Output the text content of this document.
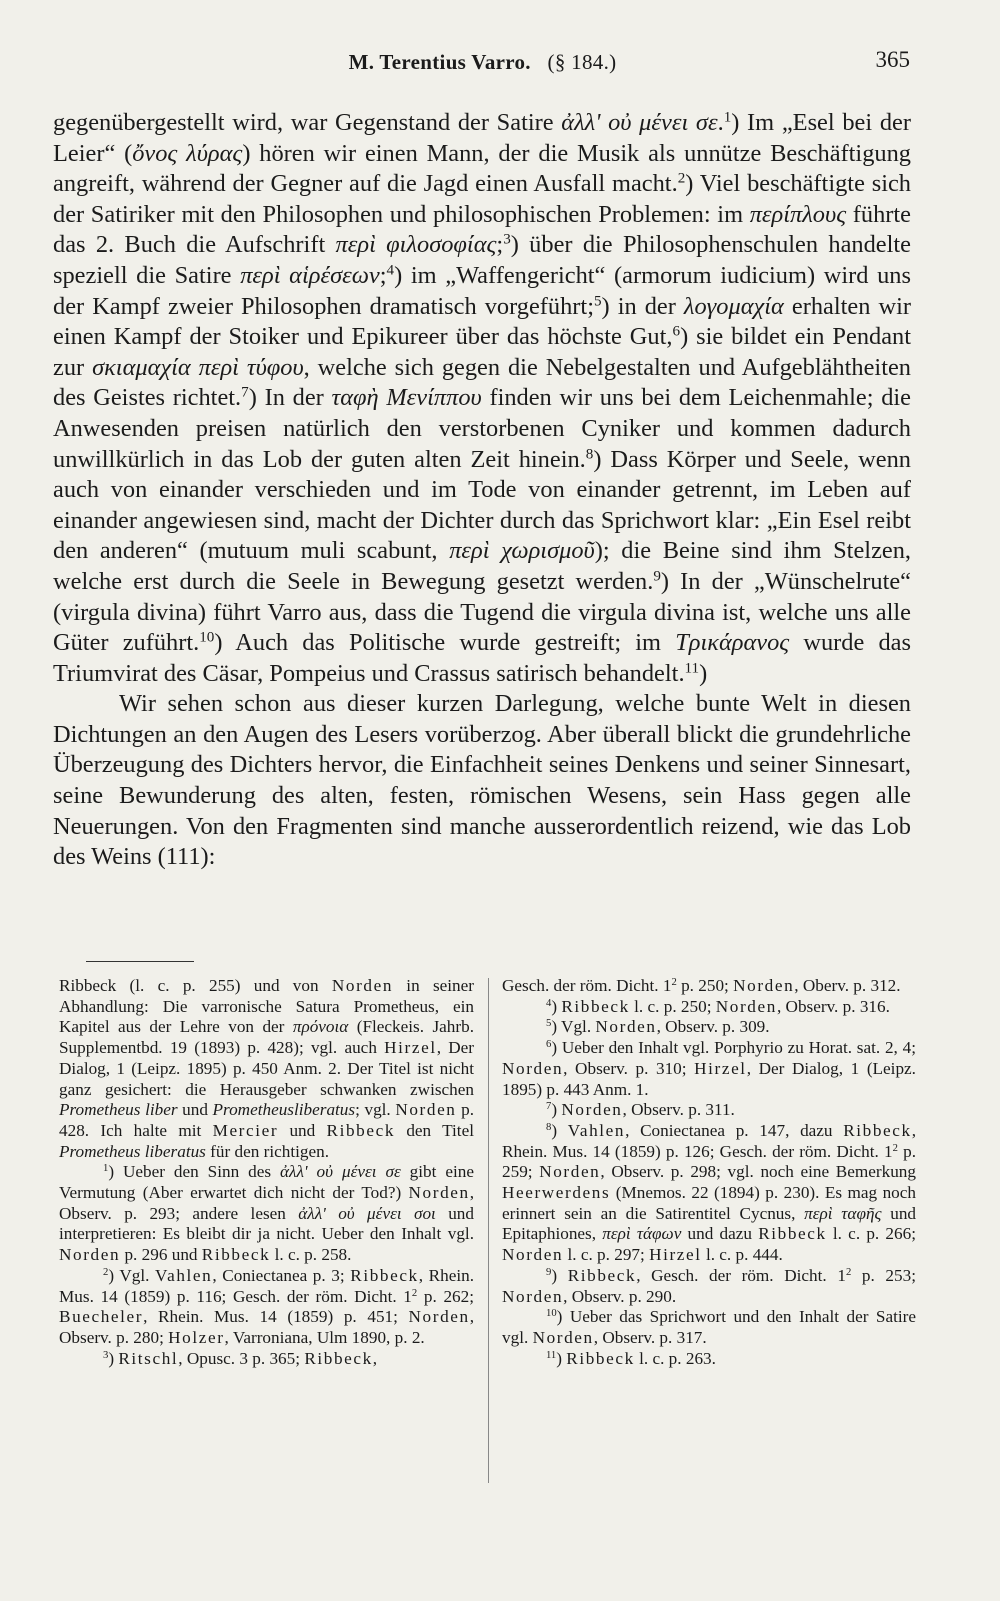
M. Terentius Varro. (§ 184.)	365

gegenübergestellt wird, war Gegenstand der Satire ἀλλ' οὐ μένει σε.$^1$) Im „Esel bei der Leier“ (ὄνος λύρας) hören wir einen Mann, der die Musik als unnütze Beschäftigung angreift, während der Gegner auf die Jagd einen Ausfall macht.$^2$) Viel beschäftigte sich der Satiriker mit den Philosophen und philosophischen Problemen: im περίπλους führte das 2. Buch die Aufschrift περὶ φιλοσοφίας;$^3$) über die Philosophenschulen handelte speziell die Satire περὶ αἱρέσεων;$^4$) im „Waffengericht“ (armorum iudicium) wird uns der Kampf zweier Philosophen dramatisch vorgeführt;$^5$) in der λογομαχία erhalten wir einen Kampf der Stoiker und Epikureer über das höchste Gut,$^6$) sie bildet ein Pendant zur σκιαμαχία περὶ τύφου, welche sich gegen die Nebelgestalten und Aufgeblähtheiten des Geistes richtet.$^7$) In der ταφὴ Μενίππου finden wir uns bei dem Leichenmahle; die Anwesenden preisen natürlich den verstorbenen Cyniker und kommen dadurch unwillkürlich in das Lob der guten alten Zeit hinein.$^8$) Dass Körper und Seele, wenn auch von einander verschieden und im Tode von einander getrennt, im Leben auf einander angewiesen sind, macht der Dichter durch das Sprichwort klar: „Ein Esel reibt den anderen“ (mutuum muli scabunt, περὶ χωρισμοῦ); die Beine sind ihm Stelzen, welche erst durch die Seele in Bewegung gesetzt werden.$^9$) In der „Wünschelrute“ (virgula divina) führt Varro aus, dass die Tugend die virgula divina ist, welche uns alle Güter zuführt.$^{10}$) Auch das Politische wurde gestreift; im Τρικάρανος wurde das Triumvirat des Cäsar, Pompeius und Crassus satirisch behandelt.$^{11}$)

Wir sehen schon aus dieser kurzen Darlegung, welche bunte Welt in diesen Dichtungen an den Augen des Lesers vorüberzog. Aber überall blickt die grundehrliche Überzeugung des Dichters hervor, die Einfachheit seines Denkens und seiner Sinnesart, seine Bewunderung des alten, festen, römischen Wesens, sein Hass gegen alle Neuerungen. Von den Fragmenten sind manche ausserordentlich reizend, wie das Lob des Weins (111):

Ribbeck (l. c. p. 255) und von Norden in seiner Abhandlung: Die varronische Satura Prometheus, ein Kapitel aus der Lehre von der πρόνοια (Fleckeis. Jahrb. Supplementbd. 19 (1893) p. 428); vgl. auch Hirzel, Der Dialog, 1 (Leipz. 1895) p. 450 Anm. 2. Der Titel ist nicht ganz gesichert: die Herausgeber schwanken zwischen Prometheus liber und Prometheusliberatus; vgl. Norden p. 428. Ich halte mit Mercier und Ribbeck den Titel Prometheus liberatus für den richtigen.

$^1$) Ueber den Sinn des ἀλλ' οὐ μένει σε gibt eine Vermutung (Aber erwartet dich nicht der Tod?) Norden, Observ. p. 293; andere lesen ἀλλ' οὐ μένει σοι und interpretieren: Es bleibt dir ja nicht. Ueber den Inhalt vgl. Norden p. 296 und Ribbeck l. c. p. 258.

$^2$) Vgl. Vahlen, Coniectanea p. 3; Ribbeck, Rhein. Mus. 14 (1859) p. 116; Gesch. der röm. Dicht. $1^2$ p. 262; Buecheler, Rhein. Mus. 14 (1859) p. 451; Norden, Observ. p. 280; Holzer, Varroniana, Ulm 1890, p. 2.

$^3$) Ritschl, Opusc. 3 p. 365; Ribbeck,

Gesch. der röm. Dicht. $1^2$ p. 250; Norden, Oberv. p. 312.

$^4$) Ribbeck l. c. p. 250; Norden, Observ. p. 316.

$^5$) Vgl. Norden, Observ. p. 309.

$^6$) Ueber den Inhalt vgl. Porphyrio zu Horat. sat. 2, 4; Norden, Observ. p. 310; Hirzel, Der Dialog, 1 (Leipz. 1895) p. 443 Anm. 1.

$^7$) Norden, Observ. p. 311.

$^8$) Vahlen, Coniectanea p. 147, dazu Ribbeck, Rhein. Mus. 14 (1859) p. 126; Gesch. der röm. Dicht. $1^2$ p. 259; Norden, Observ. p. 298; vgl. noch eine Bemerkung Heerwerdens (Mnemos. 22 (1894) p. 230). Es mag noch erinnert sein an die Satirentitel Cycnus, περὶ ταφῆς und Epitaphiones, περὶ τάφων und dazu Ribbeck l. c. p. 266; Norden l. c. p. 297; Hirzel l. c. p. 444.

$^9$) Ribbeck, Gesch. der röm. Dicht. $1^2$ p. 253; Norden, Observ. p. 290.

$^{10}$) Ueber das Sprichwort und den Inhalt der Satire vgl. Norden, Observ. p. 317.

$^{11}$) Ribbeck l. c. p. 263.
